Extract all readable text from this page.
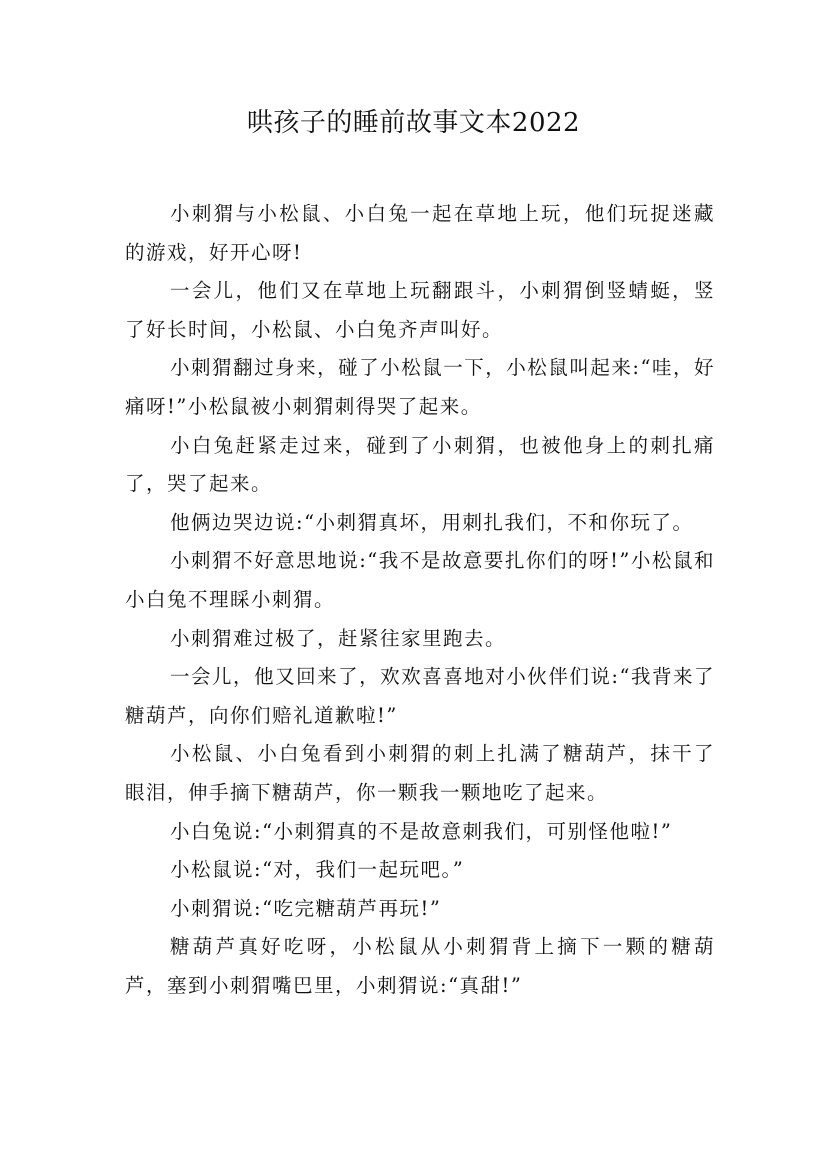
哄孩子的睡前故事文本2022

小刺猬与小松鼠、小白兔一起在草地上玩，他们玩捉迷藏的游戏，好开心呀!

一会儿，他们又在草地上玩翻跟斗，小刺猬倒竖蜻蜓，竖了好长时间，小松鼠、小白兔齐声叫好。

小刺猬翻过身来，碰了小松鼠一下，小松鼠叫起来:“哇，好痛呀!”小松鼠被小刺猬刺得哭了起来。

小白兔赶紧走过来，碰到了小刺猬，也被他身上的刺扎痛了，哭了起来。

他俩边哭边说:“小刺猬真坏，用刺扎我们，不和你玩了。

小刺猬不好意思地说:“我不是故意要扎你们的呀!”小松鼠和小白兔不理睬小刺猬。

小刺猬难过极了，赶紧往家里跑去。

一会儿，他又回来了，欢欢喜喜地对小伙伴们说:“我背来了糖葫芦，向你们赔礼道歉啦!”

小松鼠、小白兔看到小刺猬的刺上扎满了糖葫芦，抹干了眼泪，伸手摘下糖葫芦，你一颗我一颗地吃了起来。

小白兔说:“小刺猬真的不是故意刺我们，可别怪他啦!”

小松鼠说:“对，我们一起玩吧。”

小刺猬说:“吃完糖葫芦再玩!”

糖葫芦真好吃呀，小松鼠从小刺猬背上摘下一颗的糖葫芦，塞到小刺猬嘴巴里，小刺猬说:“真甜!”
